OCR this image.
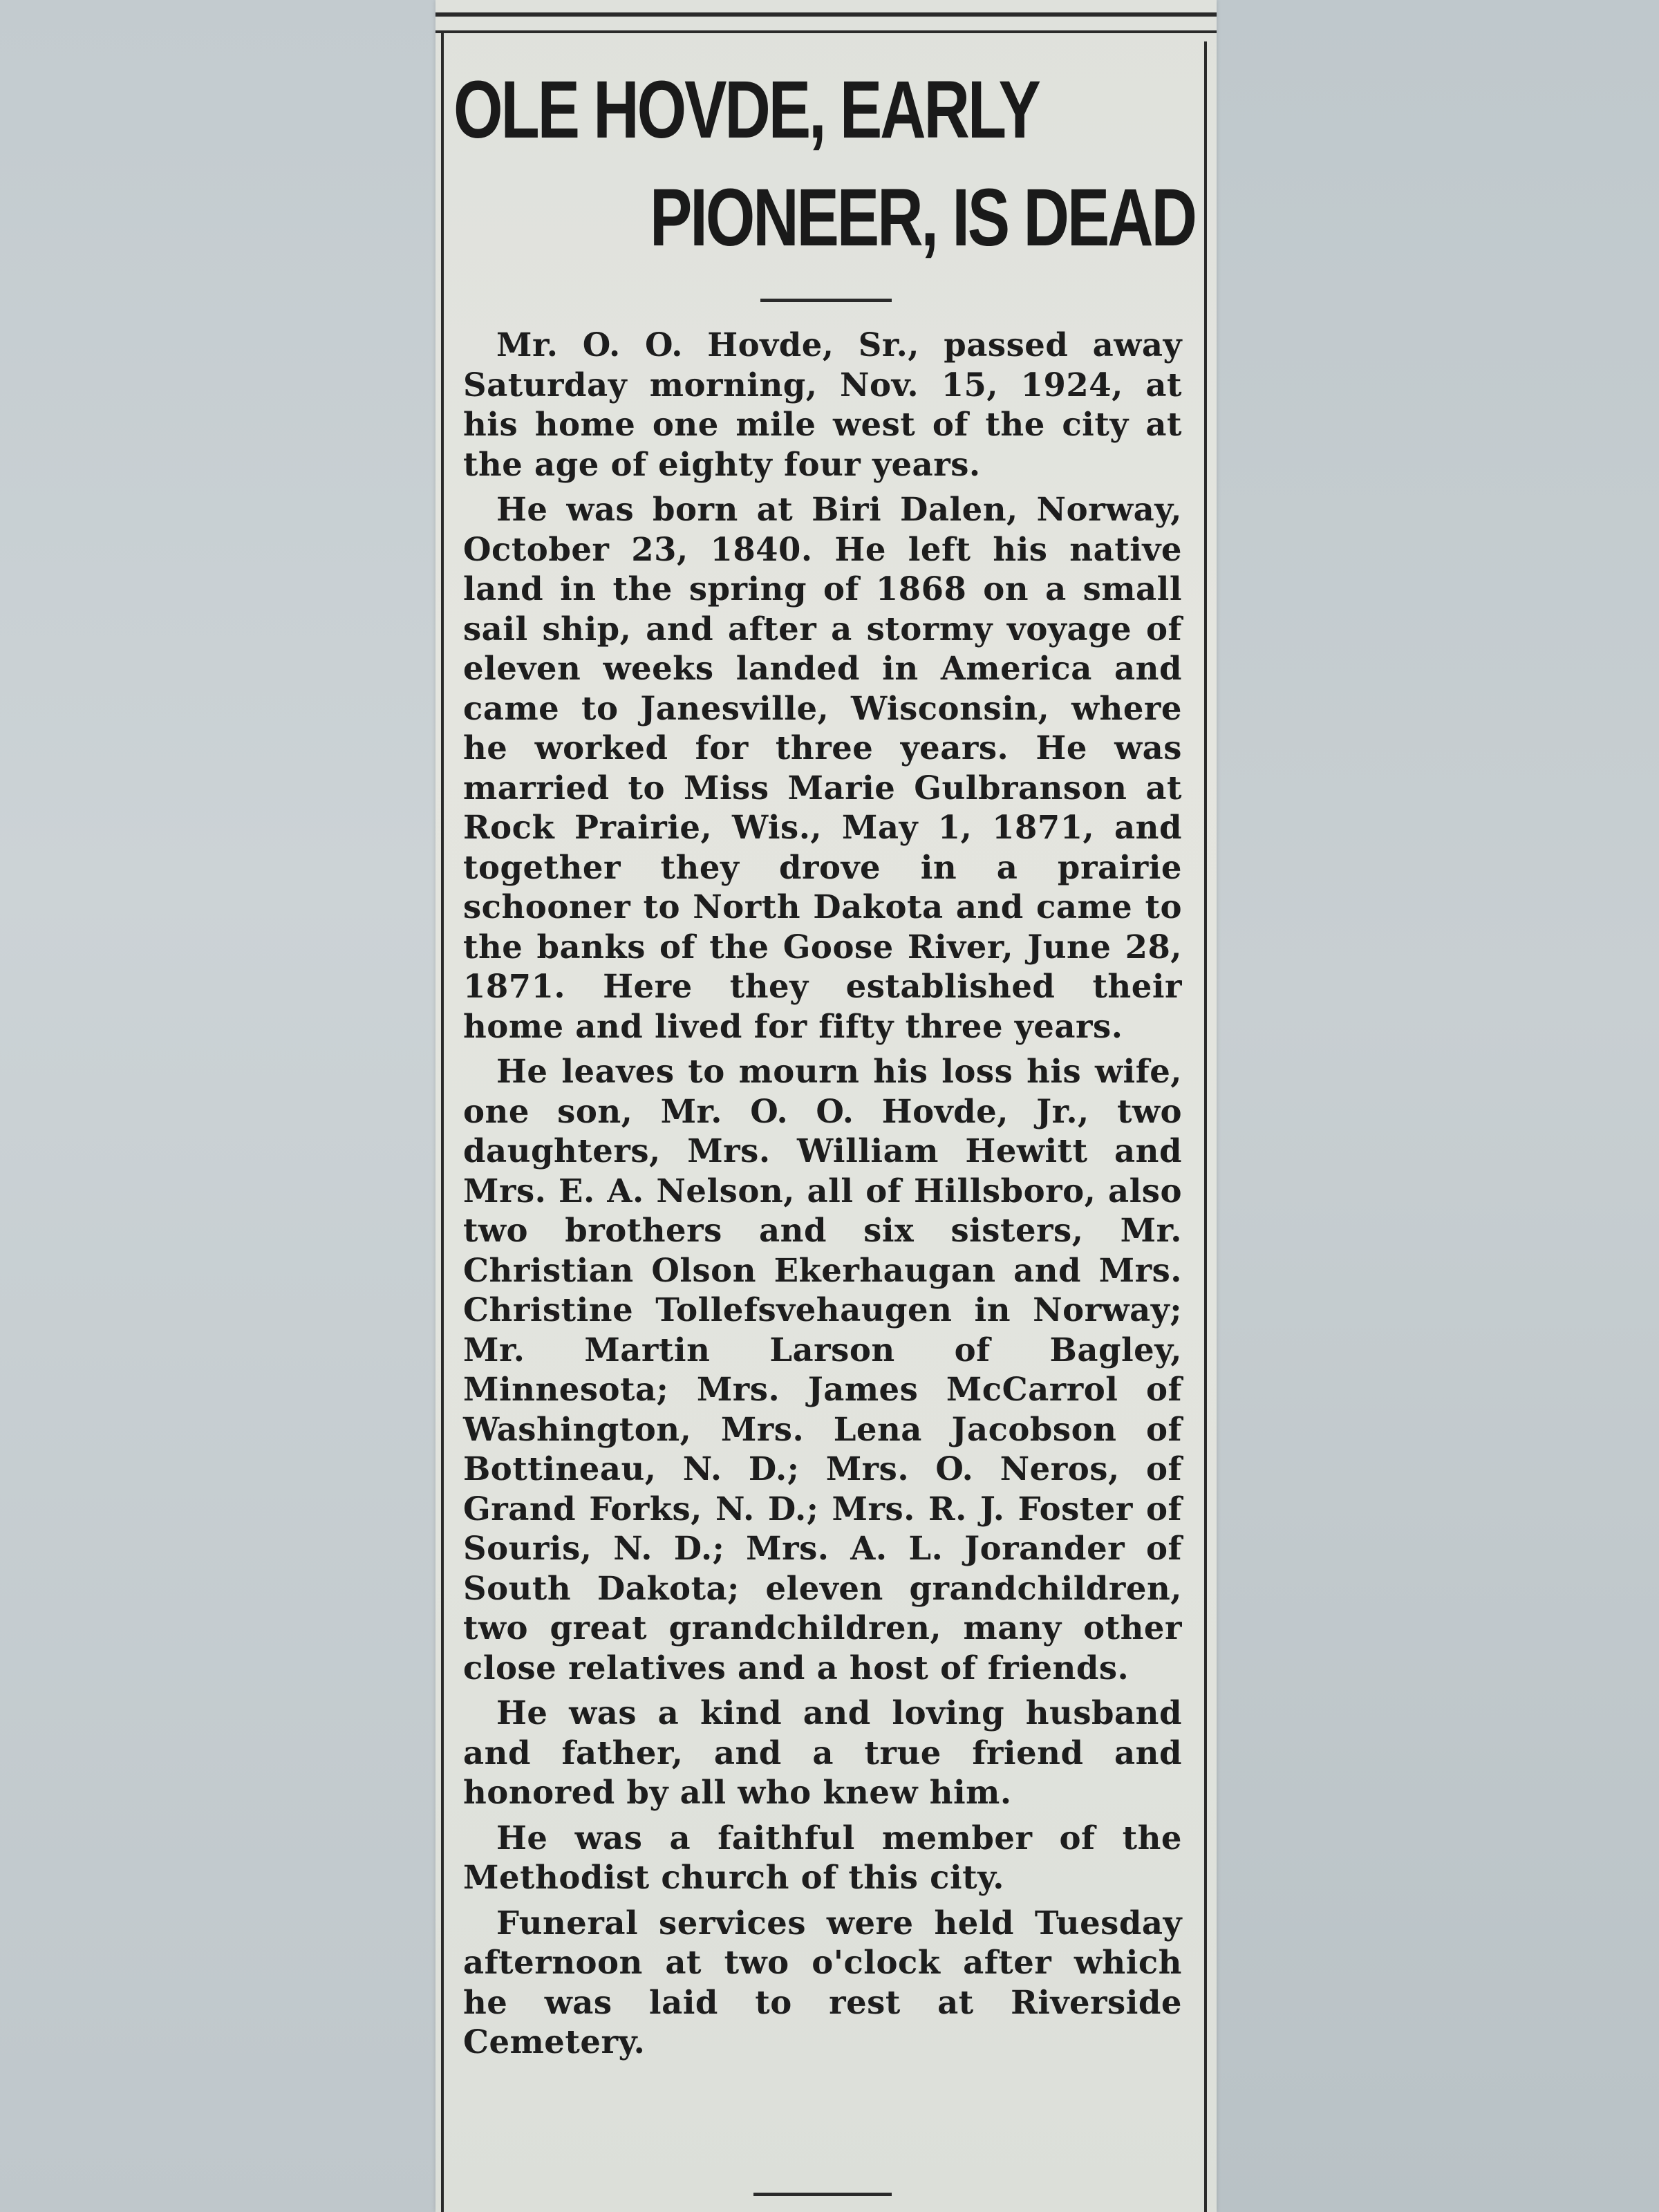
OLE HOVDE, EARLY
PIONEER, IS DEAD

Mr. O. O. Hovde, Sr., passed away Saturday morning, Nov. 15, 1924, at his home one mile west of the city at the age of eighty four years.

He was born at Biri Dalen, Norway, October 23, 1840. He left his native land in the spring of 1868 on a small sail ship, and after a stormy voyage of eleven weeks landed in America and came to Janesville, Wisconsin, where he worked for three years. He was married to Miss Marie Gulbranson at Rock Prairie, Wis., May 1, 1871, and together they drove in a prairie schooner to North Dakota and came to the banks of the Goose River, June 28, 1871. Here they established their home and lived for fifty three years.

He leaves to mourn his loss his wife, one son, Mr. O. O. Hovde, Jr., two daughters, Mrs. William Hewitt and Mrs. E. A. Nelson, all of Hillsboro, also two brothers and six sisters, Mr. Christian Olson Ekerhaugan and Mrs. Christine Tollefsvehaugen in Norway; Mr. Martin Larson of Bagley, Minnesota; Mrs. James McCarrol of Washington, Mrs. Lena Jacobson of Bottineau, N. D.; Mrs. O. Neros, of Grand Forks, N. D.; Mrs. R. J. Foster of Souris, N. D.; Mrs. A. L. Jorander of South Dakota; eleven grandchildren, two great grandchildren, many other close relatives and a host of friends.

He was a kind and loving husband and father, and a true friend and honored by all who knew him.

He was a faithful member of the Methodist church of this city.

Funeral services were held Tuesday afternoon at two o'clock after which he was laid to rest at Riverside Cemetery.
